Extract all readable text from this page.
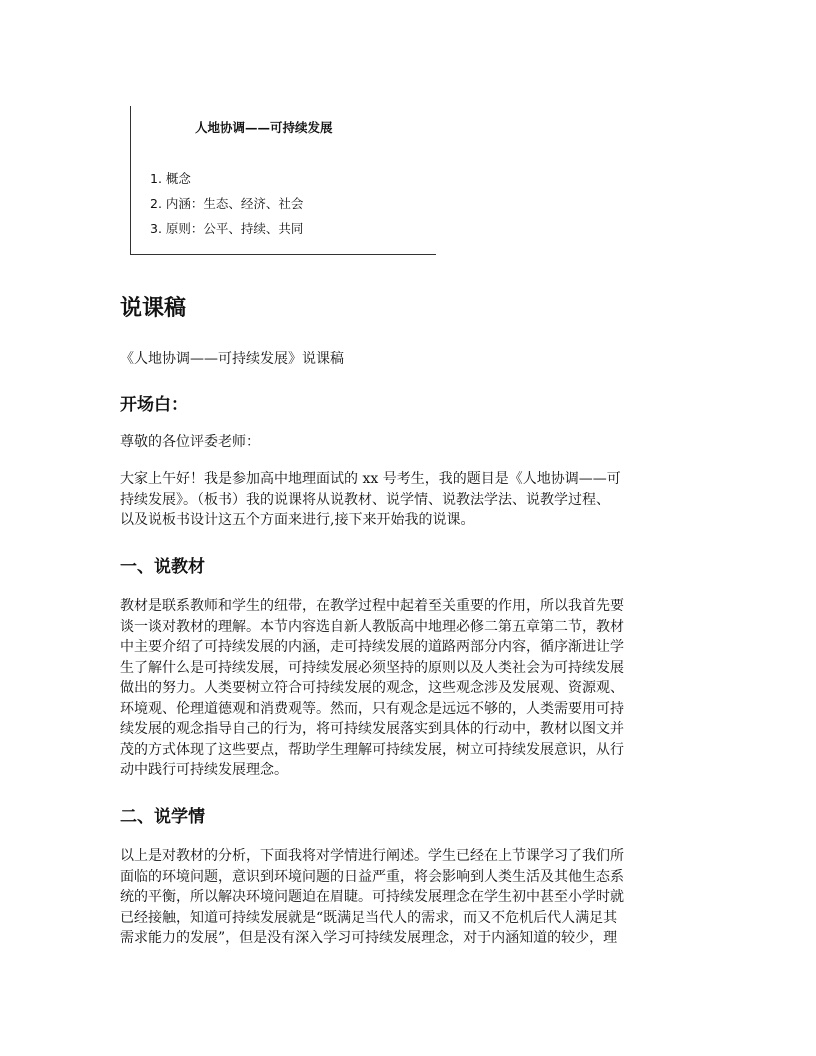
人地协调——可持续发展
1. 概念
2. 内涵：生态、经济、社会
3. 原则：公平、持续、共同
说课稿

《人地协调——可持续发展》说课稿

开场白：

尊敬的各位评委老师：

大家上午好！我是参加高中地理面试的 xx 号考生，我的题目是《人地协调——可
持续发展》。（板书）我的说课将从说教材、说学情、说教法学法、说教学过程、
以及说板书设计这五个方面来进行,接下来开始我的说课。
一、说教材
教材是联系教师和学生的纽带，在教学过程中起着至关重要的作用，所以我首先要
谈一谈对教材的理解。本节内容选自新人教版高中地理必修二第五章第二节，教材
中主要介绍了可持续发展的内涵，走可持续发展的道路两部分内容，循序渐进让学
生了解什么是可持续发展，可持续发展必须坚持的原则以及人类社会为可持续发展
做出的努力。人类要树立符合可持续发展的观念，这些观念涉及发展观、资源观、
环境观、伦理道德观和消费观等。然而，只有观念是远远不够的，人类需要用可持
续发展的观念指导自己的行为，将可持续发展落实到具体的行动中，教材以图文并
茂的方式体现了这些要点，帮助学生理解可持续发展，树立可持续发展意识，从行
动中践行可持续发展理念。
二、说学情
以上是对教材的分析，下面我将对学情进行阐述。学生已经在上节课学习了我们所
面临的环境问题，意识到环境问题的日益严重，将会影响到人类生活及其他生态系
统的平衡，所以解决环境问题迫在眉睫。可持续发展理念在学生初中甚至小学时就
已经接触，知道可持续发展就是“既满足当代人的需求，而又不危机后代人满足其
需求能力的发展”，但是没有深入学习可持续发展理念，对于内涵知道的较少，理
